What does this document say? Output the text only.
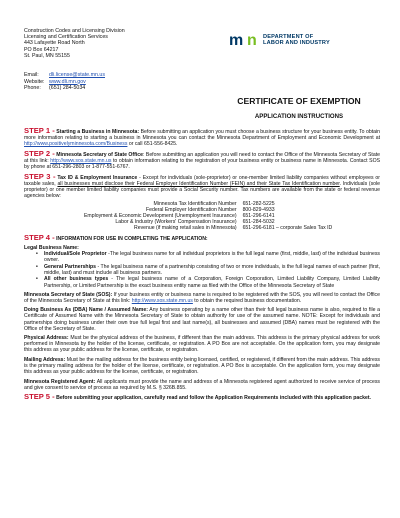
Construction Codes and Licensing Division
Licensing and Certification Services
443 Lafayette Road North
PO Box 64217
St. Paul, MN 55155
Email: dli.license@state.mn.us
Website: www.dli.mn.gov
Phone: (651) 284-5034
m n DEPARTMENT OF
LABOR AND INDUSTRY
CERTIFICATE OF EXEMPTION
APPLICATION INSTRUCTIONS

STEP 1 - Starting a Business in Minnesota: Before submitting an application you must choose a business structure for your business entity. To obtain more information relating to starting a business in Minnesota you can contact the Minnesota Department of Employment and Economic Development at http://www.positivelyminnesota.com/Business or call 651-556-8425.

STEP 2 - Minnesota Secretary of State Office: Before submitting an application you will need to contact the Office of the Minnesota Secretary of State at this link: http://www.sos.state.mn.us to obtain information relating to the registration of your business entity or business name in Minnesota. Contact SOS by phone at 651-296-2803 or 1-877-551-6767.

STEP 3 - Tax ID & Employment Insurance - Except for individuals (sole-proprietor) or one-member limited liability companies without employees or taxable sales, all businesses must disclose their Federal Employer Identification Number (FEIN) and their State Tax Identification number. Individuals (sole proprietor) or one member limited liability companies must provide a Social Security number. Tax numbers are available from the state or federal revenue agencies below:

Minnesota Tax Identification Number	651-282-5225
Federal Employer Identification Number	800-829-4933
Employment & Economic Development (Unemployment Insurance)	651-296-6141
Labor & Industry (Workers' Compensation Insurance)	651-284-5032
Revenue (if making retail sales in Minnesota)	651-296-6181 – corporate Sales Tax ID

STEP 4 - INFORMATION FOR USE IN COMPLETING THE APPLICATION:

Legal Business Name:

• Individual/Sole Proprietor -The legal business name for all individual proprietors is the full legal name (first, middle, last) of the individual business owner.
• General Partnerships - The legal business name of a partnership consisting of two or more individuals, is the full legal names of each partner (first, middle, last) and must include all business partners.
• All other business types - The legal business name of a Corporation, Foreign Corporation, Limited Liability Company, Limited Liability Partnership, or Limited Partnership is the exact business entity name as filed with the Office of the Minnesota Secretary of State

Minnesota Secretary of State (SOS): If your business entity or business name is required to be registered with the SOS, you will need to contact the Office of the Minnesota Secretary of State at this link: http://www.sos.state.mn.us to obtain the required business documentation.

Doing Business As (DBA) Name / Assumed Name: Any business operating by a name other than their full legal business name is also, required to file a Certificate of Assumed Name with the Minnesota Secretary of State to obtain authority for use of the assumed name. NOTE: Except for individuals and partnerships doing business under their own true full legal first and last name(s), all businesses and assumed (DBA) names must be registered with the Office of the Secretary of State.

Physical Address: Must be the physical address of the business, if different than the main address. This address is the primary physical address for work performed in Minnesota by the holder of the license, certificate, or registration. A PO Box are not acceptable. On the application form, you may designate this address as your public address for the license, certificate, or registration.

Mailing Address: Must be the mailing address for the business entity being licensed, certified, or registered, if different from the main address. This address is the primary mailing address for the holder of the license, certificate, or registration. A PO Box is acceptable. On the application form, you may designate this address as your public address for the license, certificate, or registration.

Minnesota Registered Agent: All applicants must provide the name and address of a Minnesota registered agent authorized to receive service of process and give consent to service of process as required by M.S. § 326B.855.

STEP 5 - Before submitting your application, carefully read and follow the Application Requirements included with this application packet.
